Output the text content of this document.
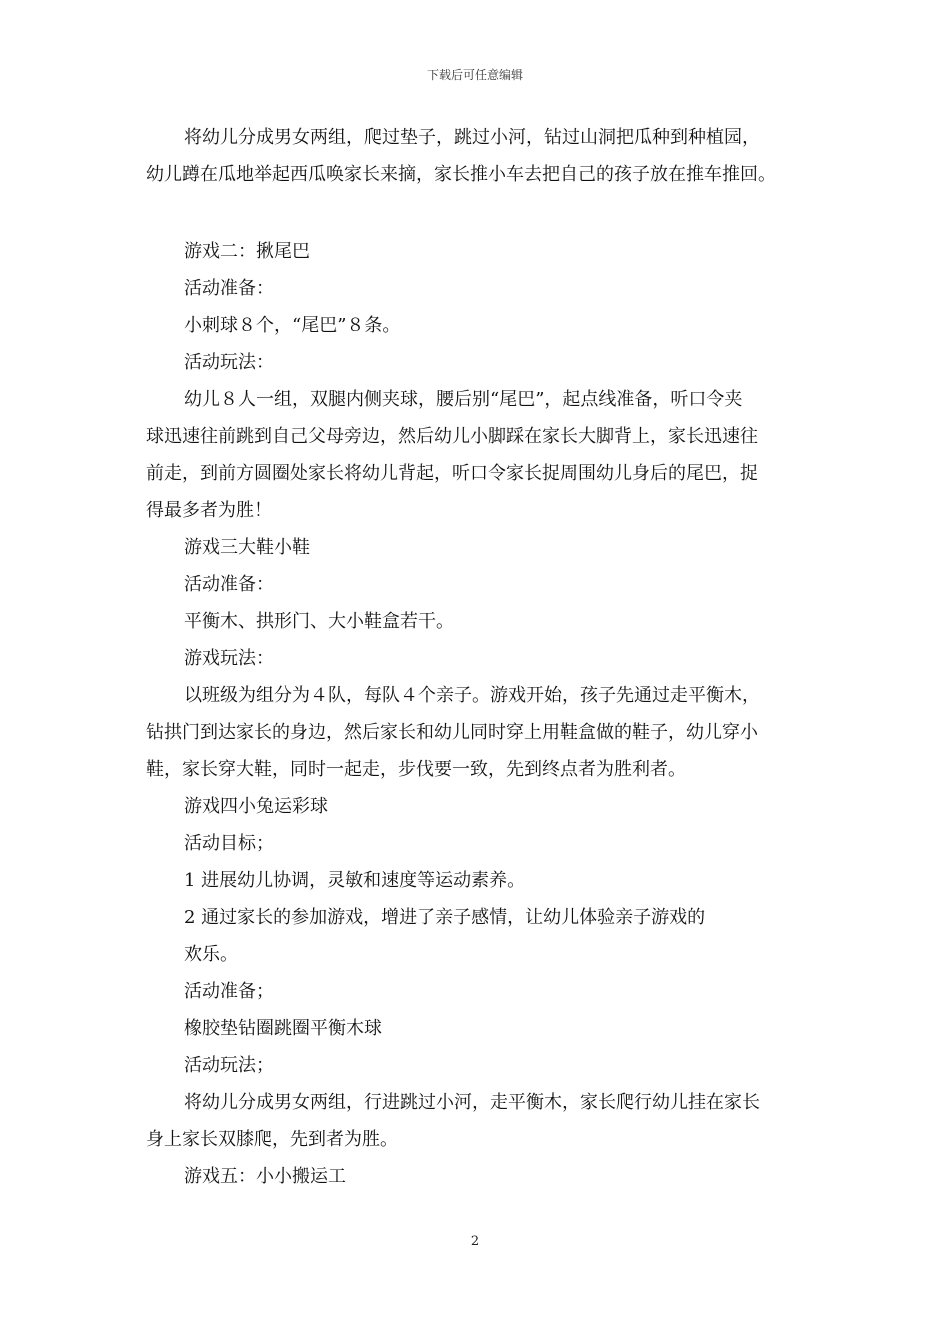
下载后可任意编辑
将幼儿分成男女两组，爬过垫子，跳过小河，钻过山洞把瓜种到种植园，
幼儿蹲在瓜地举起西瓜唤家长来摘，家长推小车去把自己的孩子放在推车推回。
游戏二：揪尾巴
活动准备：
小刺球８个，“尾巴”８条。
活动玩法：
幼儿８人一组，双腿内侧夹球，腰后别“尾巴”，起点线准备，听口令夹
球迅速往前跳到自己父母旁边，然后幼儿小脚踩在家长大脚背上，家长迅速往
前走，到前方圆圈处家长将幼儿背起，听口令家长捉周围幼儿身后的尾巴，捉
得最多者为胜！
游戏三大鞋小鞋
活动准备：
平衡木、拱形门、大小鞋盒若干。
游戏玩法：
以班级为组分为４队，每队４个亲子。游戏开始，孩子先通过走平衡木，
钻拱门到达家长的身边，然后家长和幼儿同时穿上用鞋盒做的鞋子，幼儿穿小
鞋，家长穿大鞋，同时一起走，步伐要一致，先到终点者为胜利者。
游戏四小兔运彩球
活动目标；
1 进展幼儿协调，灵敏和速度等运动素养。
2 通过家长的参加游戏，增进了亲子感情，让幼儿体验亲子游戏的
欢乐。
活动准备；
橡胶垫钻圈跳圈平衡木球
活动玩法；
将幼儿分成男女两组，行进跳过小河，走平衡木，家长爬行幼儿挂在家长
身上家长双膝爬，先到者为胜。
游戏五：小小搬运工
2
